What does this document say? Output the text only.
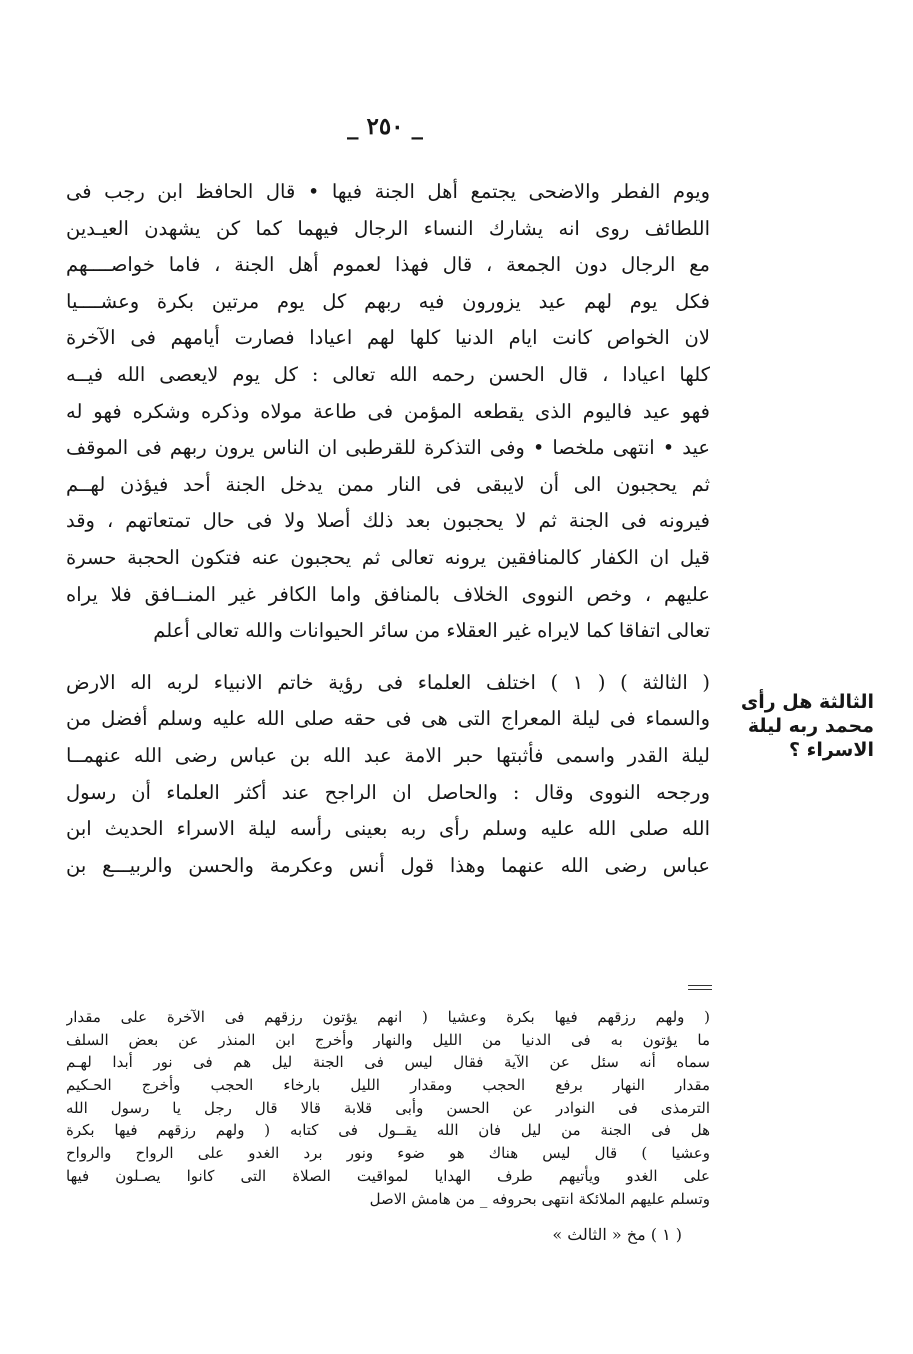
_ ٢٥٠ _
ويوم الفطر والاضحى يجتمع أهل الجنة فيها • قال الحافظ ابن رجب فى
اللطائف روى انه يشارك النساء الرجال فيهما كما كن يشهدن العيـدين
مع الرجال دون الجمعة ، قال فهذا لعموم أهل الجنة ، فاما خواصــــهم
فكل يوم لهم عيد يزورون فيه ربهم كل يوم مرتين بكرة وعشــــيا
لان الخواص كانت ايام الدنيا كلها لهم اعيادا فصارت أيامهم فى الآخرة
كلها اعيادا ، قال الحسن رحمه الله تعالى : كل يوم لايعصى الله فيــه
فهو عيد فاليوم الذى يقطعه المؤمن فى طاعة مولاه وذكره وشكره فهو له
عيد • انتهى ملخصا • وفى التذكرة للقرطبى ان الناس يرون ربهم فى الموقف
ثم يحجبون الى أن لايبقى فى النار ممن يدخل الجنة أحد فيؤذن لهــم
فيرونه فى الجنة ثم لا يحجبون بعد ذلك أصلا ولا فى حال تمتعاتهم ، وقد
قيل ان الكفار كالمنافقين يرونه تعالى ثم يحجبون عنه فتكون الحجبة حسرة
عليهم ، وخص النووى الخلاف بالمنافق واما الكافر غير المنــافق فلا يراه
تعالى اتفاقا كما لايراه غير العقلاء من سائر الحيوانات والله تعالى أعلم
( الثالثة ) ( ١ ) اختلف العلماء فى رؤية خاتم الانبياء لربه اله الارض
والسماء فى ليلة المعراج التى هى فى حقه صلى الله عليه وسلم أفضل من
ليلة القدر واسمى فأثبتها حبر الامة عبد الله بن عباس رضى الله عنهمــا
ورجحه النووى وقال : والحاصل ان الراجح عند أكثر العلماء أن رسول
الله صلى الله عليه وسلم رأى ربه بعينى رأسه ليلة الاسراء الحديث ابن
عباس رضى الله عنهما وهذا قول أنس وعكرمة والحسن والربيـــع بن
الثالثة هل رأى
محمد ربه ليلة
الاسراء ؟
( ولهم رزقهم فيها بكرة وعشيا ( انهم يؤتون رزقهم فى الآخرة على مقدار
ما يؤتون به فى الدنيا من الليل والنهار وأخرج ابن المنذر عن بعض السلف
سماه أنه سئل عن الآية فقال ليس فى الجنة ليل هم فى نور أبدا لهـم
مقدار النهار برفع الحجب ومقدار الليل بارخاء الحجب وأخرج الحـكيم
الترمذى فى النوادر عن الحسن وأبى قلابة قالا قال رجل يا رسول الله
هل فى الجنة من ليل فان الله يقــول فى كتابه ( ولهم رزقهم فيها بكرة
وعشيا ) قال ليس هناك هو ضوء ونور برد الغدو على الرواح والرواح
على الغدو ويأتيهم طرف الهدايا لمواقيت الصلاة التى كانوا يصـلون فيها
وتسلم عليهم الملائكة انتهى بحروفه _ من هامش الاصل
( ١ ) مخ « الثالث »
